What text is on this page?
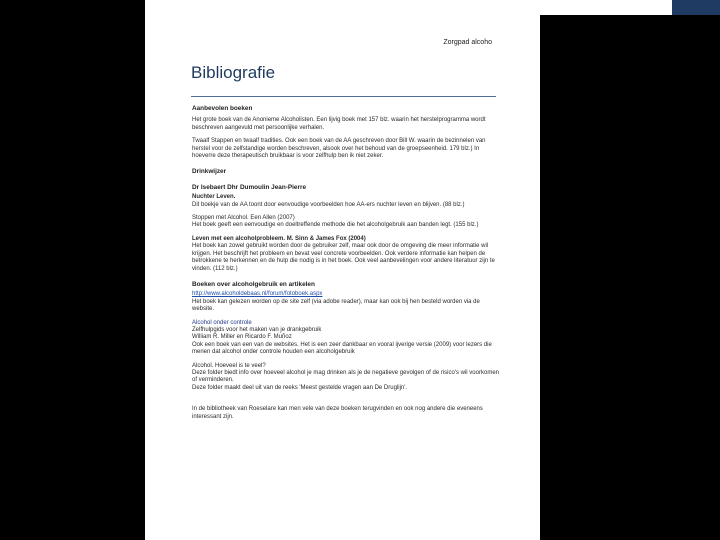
Zorgpad alcoho
Bibliografie
Aanbevolen boeken

Het grote boek van de Anonieme Alcoholisten. Een lijvig boek met 157 blz. waarin het herstelprogramma wordt beschreven aangevuld met persoonlijke verhalen.

Twaalf Stappen en twaalf tradities. Ook een boek van de AA geschreven door Bill W. waarin de bezinnelen van herstel voor de zelfstandige worden beschreven, alsook over het behoud van de groepseenheid. 179 blz.) In hoeverre deze therapeutisch bruikbaar is voor zelfhulp ben ik niet zeker.

Drinkwijzer
Dr Isebaert Dhr Dumoulin Jean-Pierre
Nuchter Leven.

Dit boekje van de AA toont door eenvoudige voorbeelden hoe AA-ers nuchter leven en blijven. (88 blz.)

Stoppen met Alcohol. Een Allen (2007)

Het boek geeft een eenvoudige en doeltreffende methode die het alcoholgebruik aan banden legt. (155 blz.)

Leven met een alcoholprobleem. M. Sinn & James Fox (2004)

Het boek kan zowel gebruikt worden door de gebruiker zelf, maar ook door de omgeving die meer informatie wil krijgen. Het beschrijft het probleem en bevat veel concrete voorbeelden. Ook verdere informatie kan helpen de betrokkene te herkennen en de hulp die nodig is in het boek. Ook veel aanbevelingen voor andere literatuur zijn te vinden. (112 blz.)

Boeken over alcoholgebruik en artikelen
http://www.alcoholdebaas.nl/forum/fotoboek.aspx

Het boek kan gelezen worden op de site zelf (via adobe reader), maar kan ook bij hen besteld worden via de website.

Alcohol onder controle
Zelfhulpgids voor het maken van je drankgebruik
William R. Miller en Ricardo F. Muñoz

Ook een boek van een van de websites. Het is een zeer dankbaar en vooral ijverige versie (2009) voor lezers die menen dat alcohol onder controle houden een alcoholgebruik

Alcohol. Hoeveel is te veel?
Deze folder biedt info over hoeveel alcohol je mag drinken als je de negatieve gevolgen of de risico's wil voorkomen of verminderen.

Deze folder maakt deel uit van de reeks 'Meest gestelde vragen aan De Druglijn'.

In de bibliotheek van Roeselare kan men vele van deze boeken terugvinden en ook nog andere die eveneens interessant zijn.
